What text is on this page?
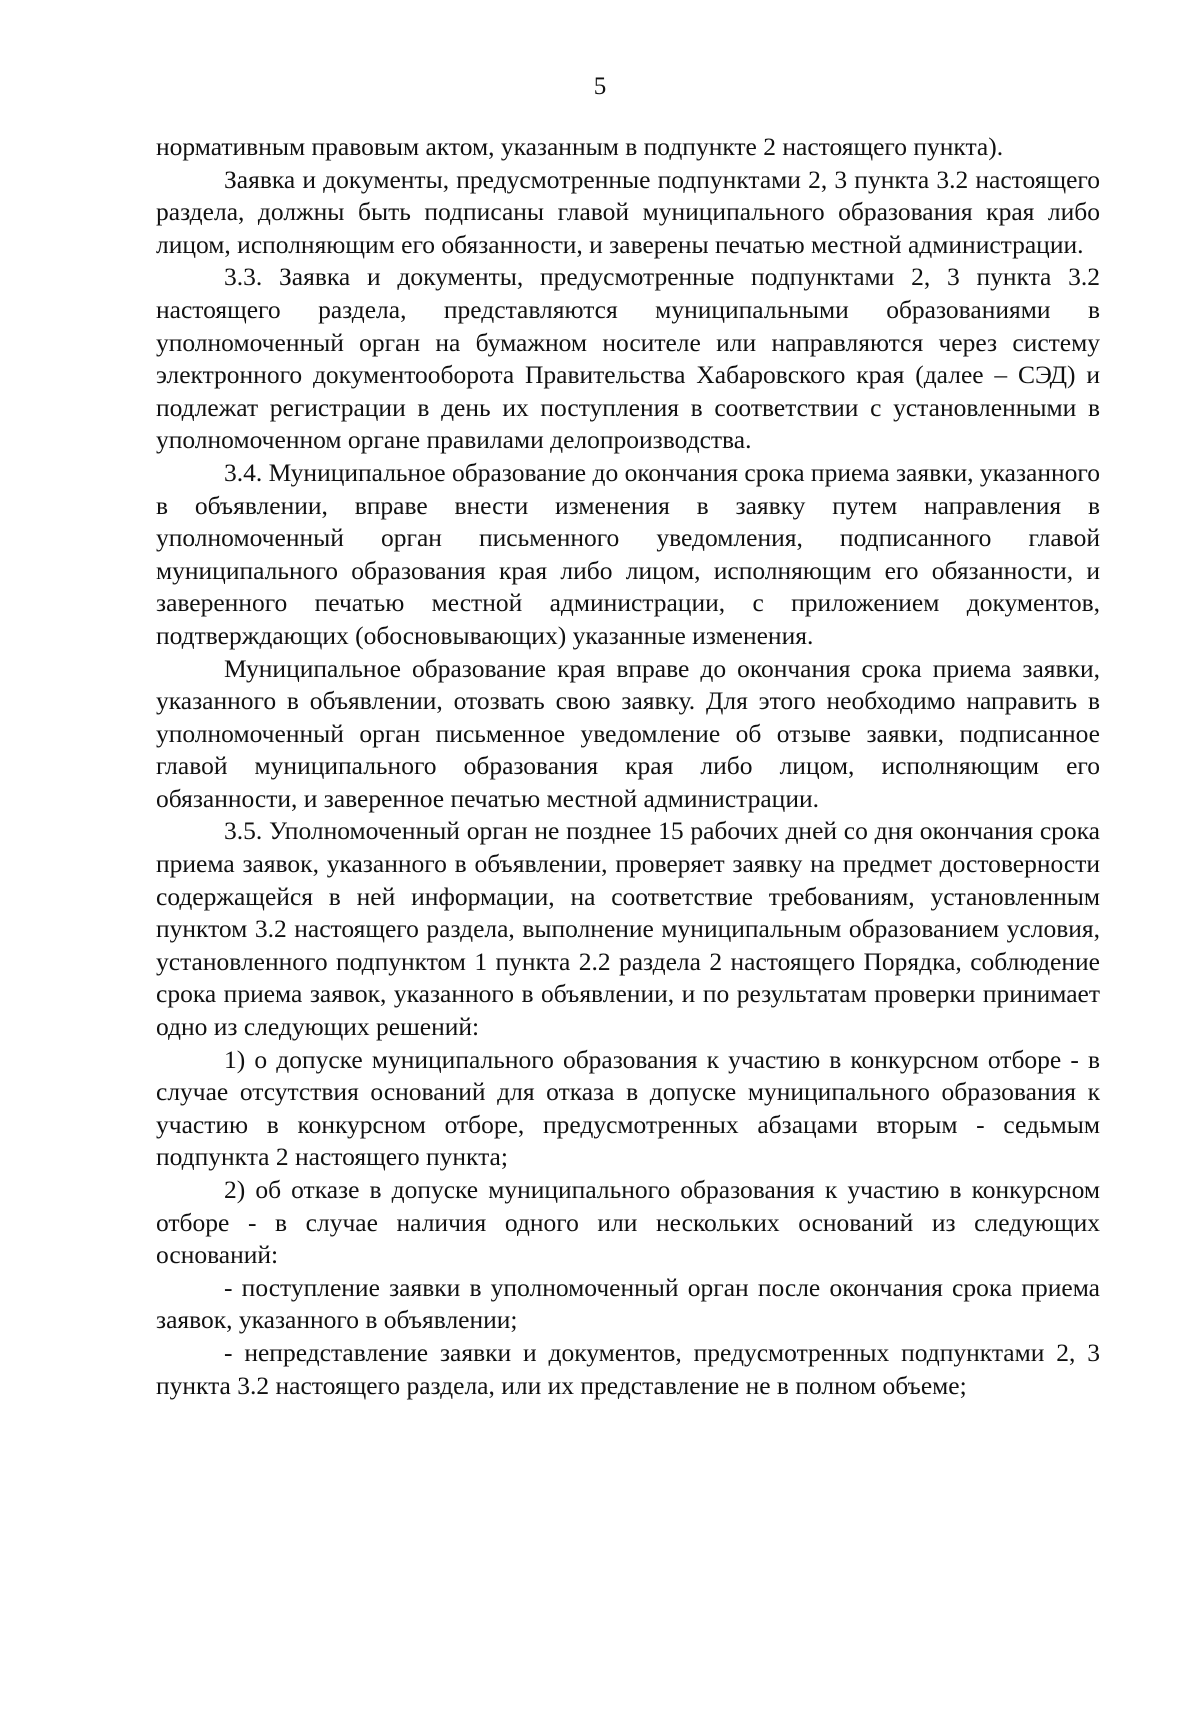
5

нормативным правовым актом, указанным в подпункте 2 настоящего пункта).

Заявка и документы, предусмотренные подпунктами 2, 3 пункта 3.2 настоящего раздела, должны быть подписаны главой муниципального образования края либо лицом, исполняющим его обязанности, и заверены печатью местной администрации.

3.3. Заявка и документы, предусмотренные подпунктами 2, 3 пункта 3.2 настоящего раздела, представляются муниципальными образованиями в уполномоченный орган на бумажном носителе или направляются через систему электронного документооборота Правительства Хабаровского края (далее – СЭД) и подлежат регистрации в день их поступления в соответствии с установленными в уполномоченном органе правилами делопроизводства.

3.4. Муниципальное образование до окончания срока приема заявки, указанного в объявлении, вправе внести изменения в заявку путем направления в уполномоченный орган письменного уведомления, подписанного главой муниципального образования края либо лицом, исполняющим его обязанности, и заверенного печатью местной администрации, с приложением документов, подтверждающих (обосновывающих) указанные изменения.

Муниципальное образование края вправе до окончания срока приема заявки, указанного в объявлении, отозвать свою заявку. Для этого необходимо направить в уполномоченный орган письменное уведомление об отзыве заявки, подписанное главой муниципального образования края либо лицом, исполняющим его обязанности, и заверенное печатью местной администрации.

3.5. Уполномоченный орган не позднее 15 рабочих дней со дня окончания срока приема заявок, указанного в объявлении, проверяет заявку на предмет достоверности содержащейся в ней информации, на соответствие требованиям, установленным пунктом 3.2 настоящего раздела, выполнение муниципальным образованием условия, установленного подпунктом 1 пункта 2.2 раздела 2 настоящего Порядка, соблюдение срока приема заявок, указанного в объявлении, и по результатам проверки принимает одно из следующих решений:

1) о допуске муниципального образования к участию в конкурсном отборе - в случае отсутствия оснований для отказа в допуске муниципального образования к участию в конкурсном отборе, предусмотренных абзацами вторым - седьмым подпункта 2 настоящего пункта;

2) об отказе в допуске муниципального образования к участию в конкурсном отборе - в случае наличия одного или нескольких оснований из следующих оснований:

- поступление заявки в уполномоченный орган после окончания срока приема заявок, указанного в объявлении;

- непредставление заявки и документов, предусмотренных подпунктами 2, 3 пункта 3.2 настоящего раздела, или их представление не в полном объеме;
